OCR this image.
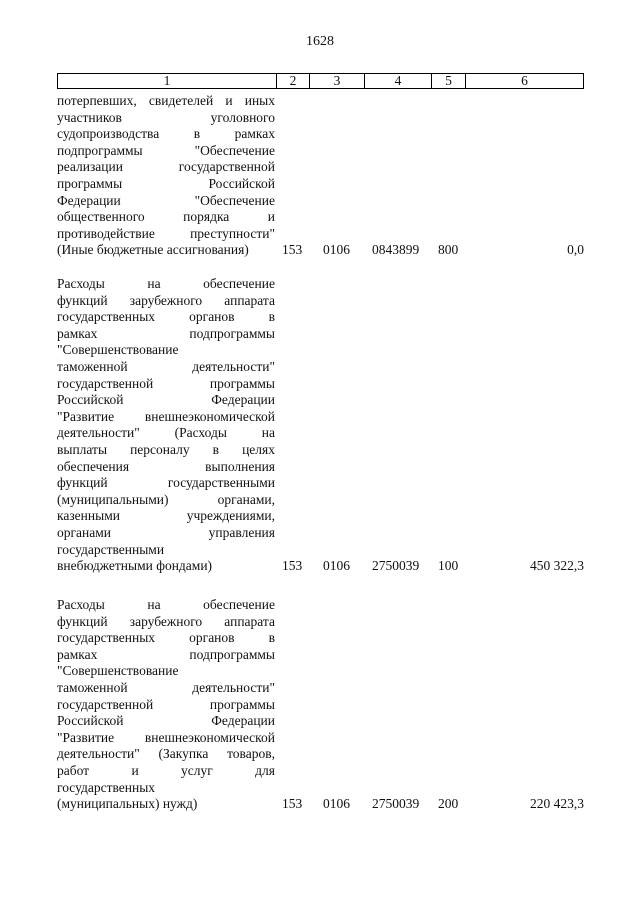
1628
1	2	3	4	5	6
потерпевших, свидетелей и иных
участников уголовного
судопроизводства в рамках
подпрограммы "Обеспечение
реализации государственной
программы Российской
Федерации "Обеспечение
общественного порядка и
противодействие преступности"
(Иные бюджетные ассигнования)	153 0106 0843899 800	0,0
Расходы на обеспечение
функций зарубежного аппарата
государственных органов в
рамках подпрограммы
"Совершенствование
таможенной деятельности"
государственной программы
Российской Федерации
"Развитие внешнеэкономической
деятельности" (Расходы на
выплаты персоналу в целях
обеспечения выполнения
функций государственными
(муниципальными) органами,
казенными учреждениями,
органами управления
государственными
внебюджетными фондами)	153 0106 2750039 100	450 322,3
Расходы на обеспечение
функций зарубежного аппарата
государственных органов в
рамках подпрограммы
"Совершенствование
таможенной деятельности"
государственной программы
Российской Федерации
"Развитие внешнеэкономической
деятельности" (Закупка товаров,
работ и услуг для
государственных
(муниципальных) нужд)	153 0106 2750039 200	220 423,3
